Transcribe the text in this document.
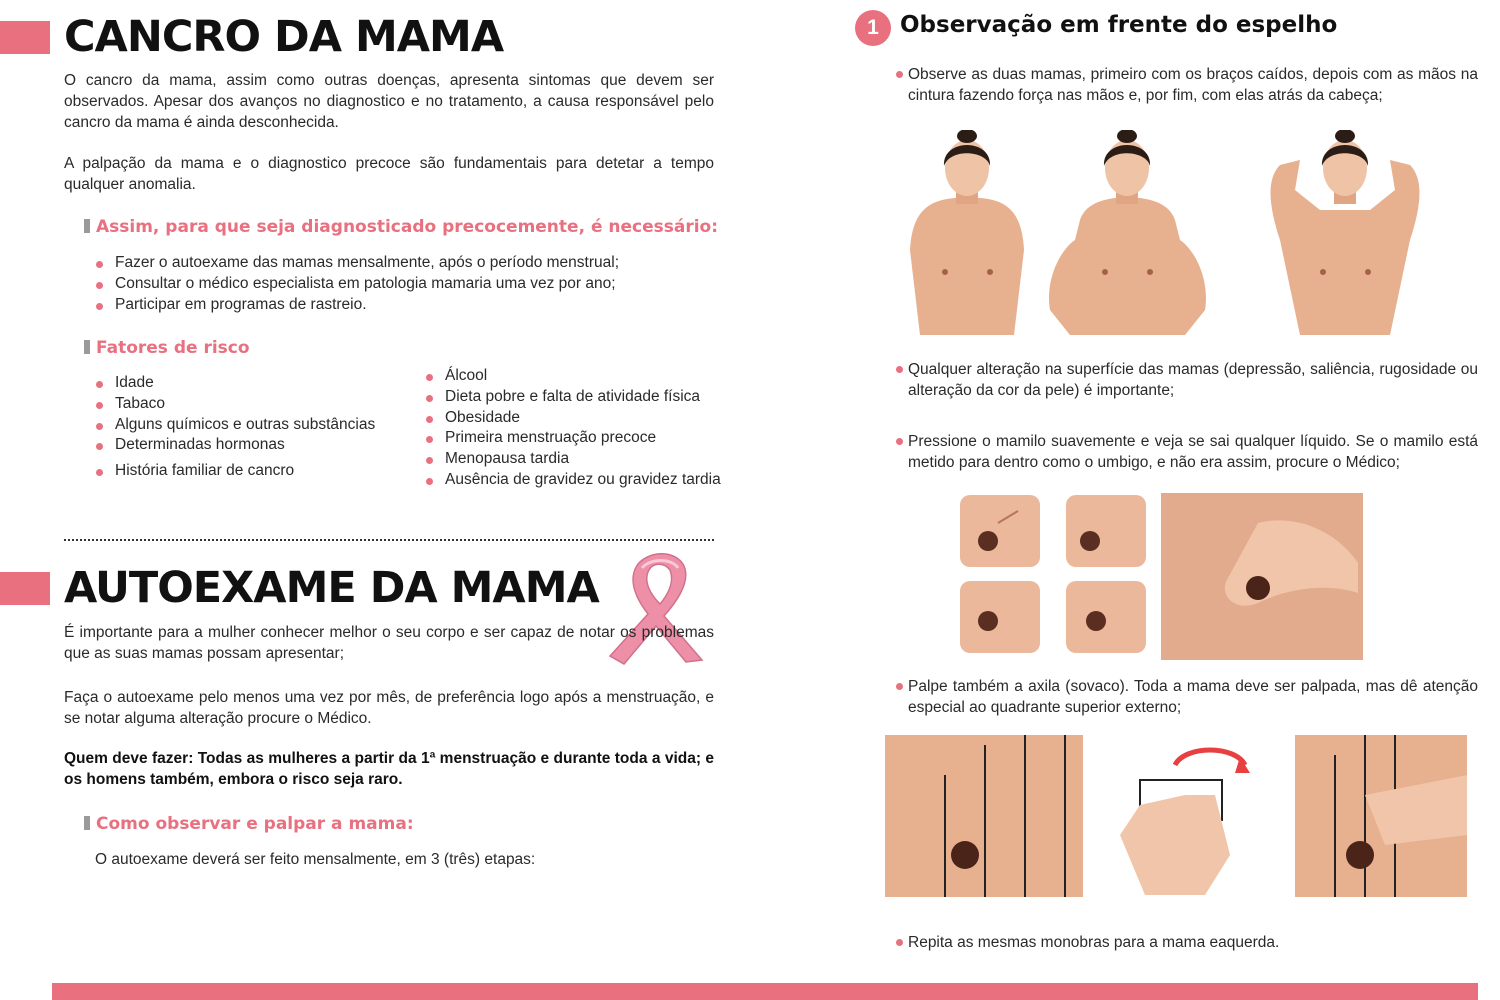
CANCRO DA MAMA

O cancro da mama, assim como outras doenças, apresenta sintomas que devem ser observados. Apesar dos avanços no diagnostico e no tratamento, a causa responsável pelo cancro da mama é ainda desconhecida.

A palpação da mama e o diagnostico precoce são fundamentais para detetar a tempo qualquer anomalia.

Assim, para que seja diagnosticado precocemente, é necessário:
Fazer o autoexame das mamas mensalmente, após o período menstrual;
Consultar o médico especialista em patologia mamaria uma vez por ano;
Participar em programas de rastreio.
Fatores de risco
Idade
Tabaco
Alguns químicos e outras substâncias
Determinadas hormonas
História familiar de cancro
Álcool
Dieta pobre e falta de atividade física
Obesidade
Primeira menstruação precoce
Menopausa tardia
Ausência de gravidez ou gravidez tardia
AUTOEXAME DA MAMA

É importante para a mulher conhecer melhor o seu corpo e ser capaz de notar os problemas que as suas mamas possam apresentar;

Faça o autoexame pelo menos uma vez por mês, de preferência logo após a menstruação, e se notar alguma alteração procure o Médico.

Quem deve fazer: Todas as mulheres a partir da 1ª menstruação e durante toda a vida; e os homens também, embora o risco seja raro.

Como observar e palpar a mama:

O autoexame deverá ser feito mensalmente, em 3 (três) etapas:

1 Observação em frente do espelho

Observe as duas mamas, primeiro com os braços caídos, depois com as mãos na cintura fazendo força nas mãos e, por fim, com elas atrás da cabeça;

Qualquer alteração na superfície das mamas (depressão, saliência, rugosidade ou alteração da cor da pele) é importante;

Pressione o mamilo suavemente e veja se sai qualquer líquido. Se o mamilo está metido para dentro como o umbigo, e não era assim, procure o Médico;

Palpe também a axila (sovaco). Toda a mama deve ser palpada, mas dê atenção especial ao quadrante superior externo;

Repita as mesmas monobras para a mama eaquerda.
